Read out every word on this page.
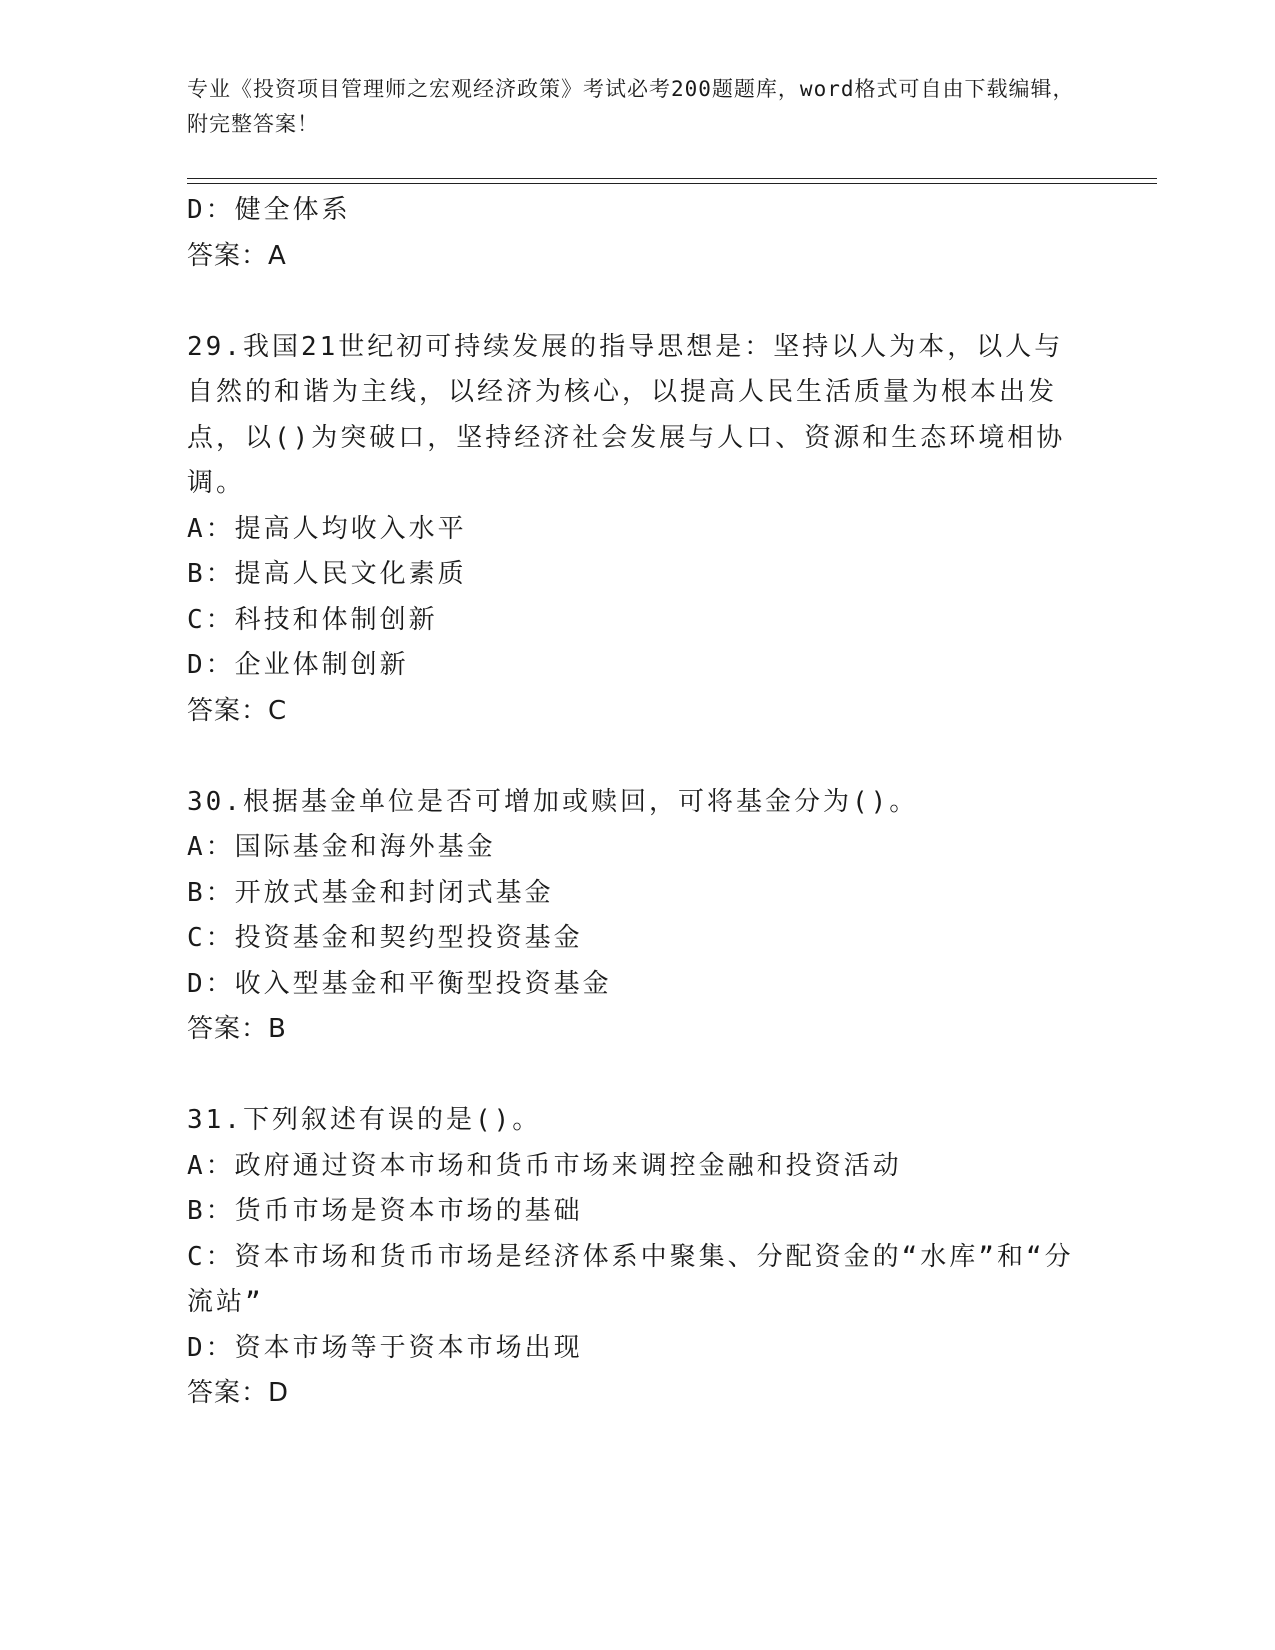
专业《投资项目管理师之宏观经济政策》考试必考200题题库，word格式可自由下载编辑，附完整答案！
D：健全体系
答案：A
29.我国21世纪初可持续发展的指导思想是：坚持以人为本，以人与自然的和谐为主线，以经济为核心，以提高人民生活质量为根本出发点，以()为突破口，坚持经济社会发展与人口、资源和生态环境相协调。
A：提高人均收入水平
B：提高人民文化素质
C：科技和体制创新
D：企业体制创新
答案：C
30.根据基金单位是否可增加或赎回，可将基金分为()。
A：国际基金和海外基金
B：开放式基金和封闭式基金
C：投资基金和契约型投资基金
D：收入型基金和平衡型投资基金
答案：B
31.下列叙述有误的是()。
A：政府通过资本市场和货币市场来调控金融和投资活动
B：货币市场是资本市场的基础
C：资本市场和货币市场是经济体系中聚集、分配资金的“水库”和“分流站”
D：资本市场等于资本市场出现
答案：D
